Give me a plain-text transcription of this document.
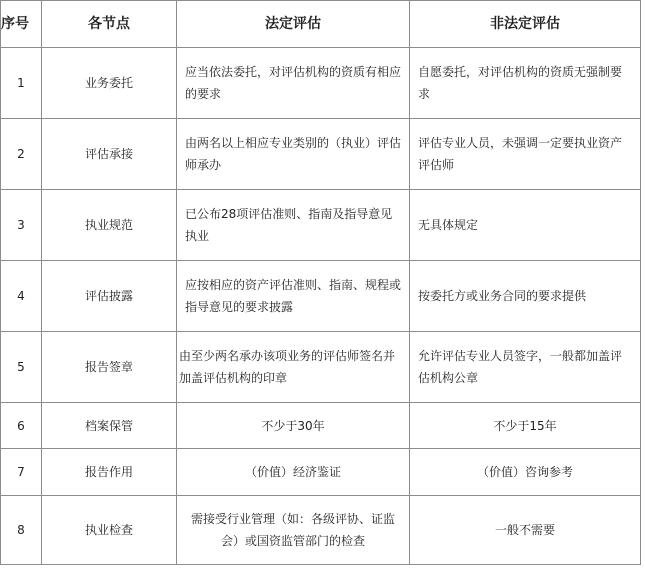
序号	各节点	法定评估	非法定评估
1	业务委托	应当依法委托，对评估机构的资质有相应的要求	自愿委托，对评估机构的资质无强制要求
2	评估承接	由两名以上相应专业类别的（执业）评估师承办	评估专业人员，未强调一定要执业资产评估师
3	执业规范	已公布28项评估准则、指南及指导意见执业	无具体规定
4	评估披露	应按相应的资产评估准则、指南、规程或指导意见的要求披露	按委托方或业务合同的要求提供
5	报告签章	由至少两名承办该项业务的评估师签名并加盖评估机构的印章	允许评估专业人员签字，一般都加盖评估机构公章
6	档案保管	不少于30年	不少于15年
7	报告作用	（价值）经济鉴证	（价值）咨询参考
8	执业检查	需接受行业管理（如：各级评协、证监会）或国资监管部门的检查	一般不需要
